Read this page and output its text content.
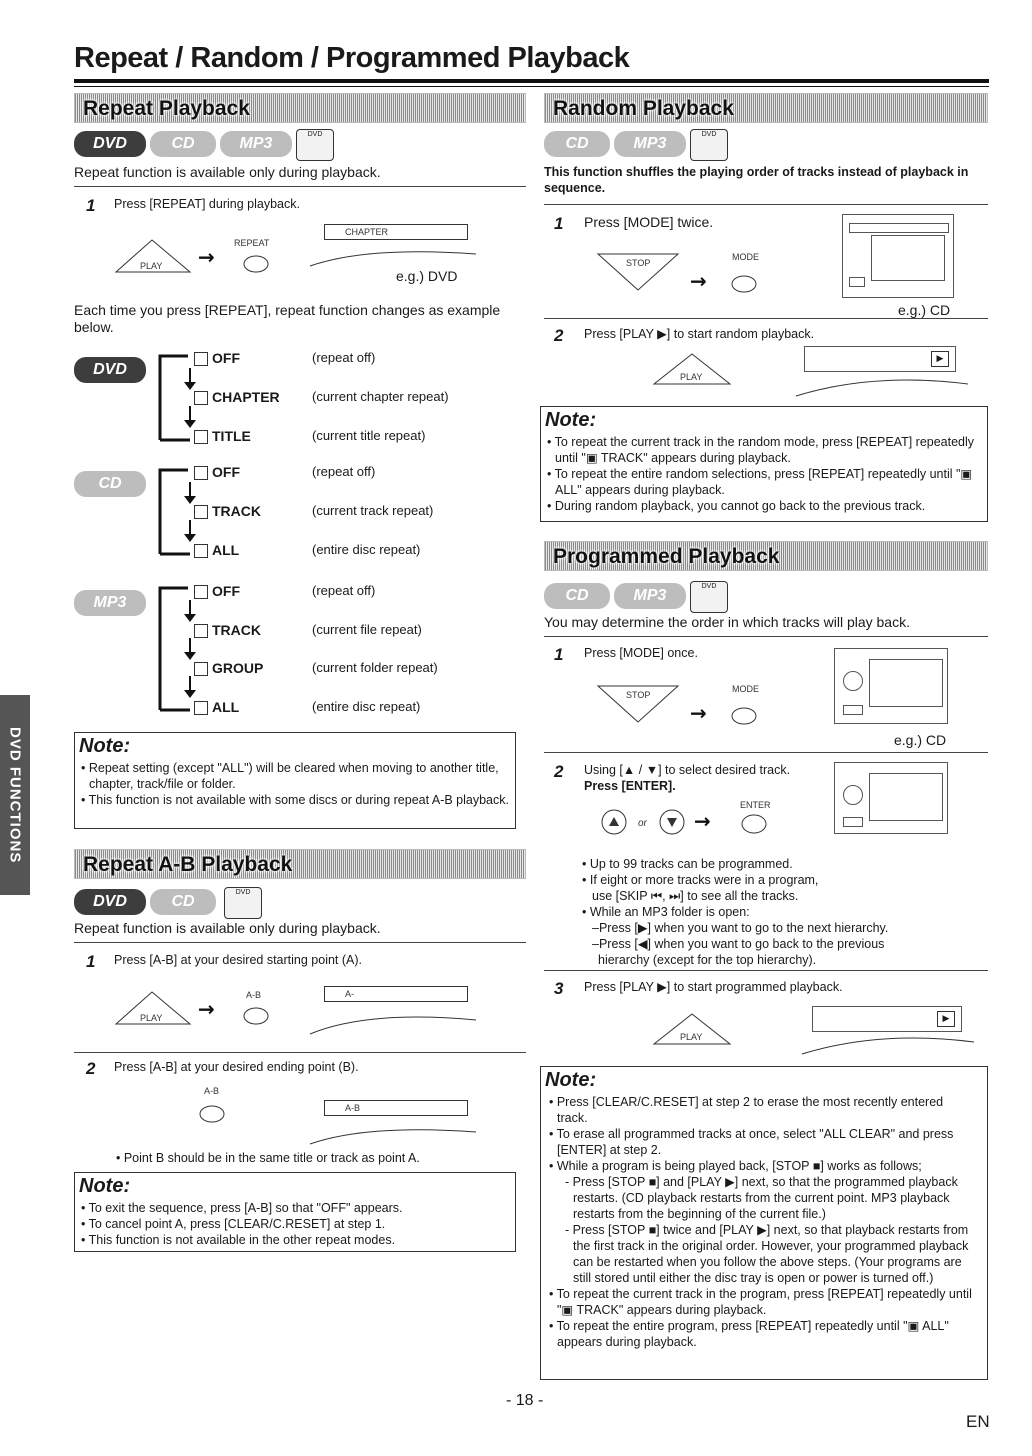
Repeat / Random / Programmed Playback
DVD FUNCTIONS
Repeat Playback
DVD	CD	MP3
DVD
Repeat function is available only during playback.
1 Press [REPEAT] during playback.
PLAY →
REPEAT
CHAPTER
e.g.) DVD
Each time you press [REPEAT], repeat function changes as example below.
DVD
OFF	(repeat off)
CHAPTER (current chapter repeat)
TITLE	(current title repeat)
CD
OFF	(repeat off)
TRACK	(current track repeat)
ALL	(entire disc repeat)
MP3
OFF	(repeat off)
TRACK	(current file repeat)
GROUP	(current folder repeat)
ALL	(entire disc repeat)
Note:
• Repeat setting (except "ALL") will be cleared when moving to another title, chapter, track/file or folder.
• This function is not available with some discs or during repeat A-B playback.
Repeat A-B Playback
DVD	CD
DVD
Repeat function is available only during playback.
1 Press [A-B] at your desired starting point (A).
PLAY →
A-B	A-
2 Press [A-B] at your desired ending point (B).
A-B
A-B
• Point B should be in the same title or track as point A.
Note:
• To exit the sequence, press [A-B] so that "OFF" appears.
• To cancel point A, press [CLEAR/C.RESET] at step 1.
• This function is not available in the other repeat modes.
Random Playback
CD	MP3
DVD
This function shuffles the playing order of tracks instead of playback in sequence.
1 Press [MODE] twice.
STOP
→
MODE
e.g.) CD
2 Press [PLAY ▶] to start random playback.
PLAY
▶
Note:
• To repeat the current track in the random mode, press [REPEAT] repeatedly until "▣ TRACK" appears during playback.
• To repeat the entire random selections, press [REPEAT] repeatedly until "▣ ALL" appears during playback.
• During random playback, you cannot go back to the previous track.
Programmed Playback
CD	MP3
DVD
You may determine the order in which tracks will play back.
1 Press [MODE] once.
STOP
→
MODE
e.g.) CD
2 Using [▲ / ▼] to select desired track.
Press [ENTER].
or →
ENTER
• Up to 99 tracks can be programmed.
• If eight or more tracks were in a program,
use [SKIP ⏮, ⏭] to see all the tracks.
• While an MP3 folder is open:
–Press [▶] when you want to go to the next hierarchy.
–Press [◀] when you want to go back to the previous
hierarchy (except for the top hierarchy).
3 Press [PLAY ▶] to start programmed playback.
PLAY
▶
Note:
• Press [CLEAR/C.RESET] at step 2 to erase the most recently entered track.
• To erase all programmed tracks at once, select "ALL CLEAR" and press [ENTER] at step 2.
• While a program is being played back, [STOP ■] works as follows;
- Press [STOP ■] and [PLAY ▶] next, so that the programmed playback restarts. (CD playback restarts from the current point. MP3 playback restarts from the beginning of the current file.)
- Press [STOP ■] twice and [PLAY ▶] next, so that playback restarts from the first track in the original order. However, your programmed playback can be restarted when you follow the above steps. (Your programs are still stored until either the disc tray is open or power is turned off.)
• To repeat the current track in the program, press [REPEAT] repeatedly until "▣ TRACK" appears during playback.
• To repeat the entire program, press [REPEAT] repeatedly until "▣ ALL" appears during playback.
- 18 -
EN
